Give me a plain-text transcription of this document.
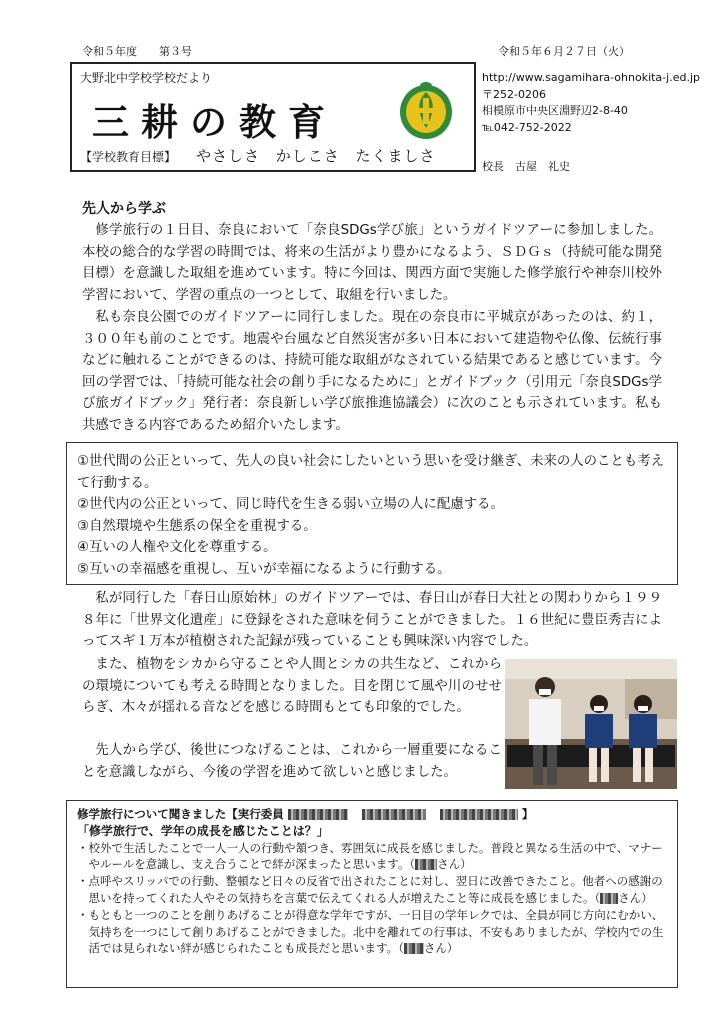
令和５年度　　第３号	令和５年６月２７日（火）
大野北中学校学校だより
三耕の教育
【学校教育目標】 やさしさ かしこさ たくましさ
http://www.sagamihara-ohnokita-j.ed.jp
〒252-0206
相模原市中央区淵野辺2-8-40
℡042-752-2022
校長　古屋　礼史
先人から学ぶ

修学旅行の１日目、奈良において「奈良SDGs学び旅」というガイドツアーに参加しました。本校の総合的な学習の時間では、将来の生活がより豊かになるよう、ＳＤＧｓ（持続可能な開発目標）を意識した取組を進めています。特に今回は、関西方面で実施した修学旅行や神奈川校外学習において、学習の重点の一つとして、取組を行いました。

私も奈良公園でのガイドツアーに同行しました。現在の奈良市に平城京があったのは、約１，３００年も前のことです。地震や台風など自然災害が多い日本において建造物や仏像、伝統行事などに触れることができるのは、持続可能な取組がなされている結果であると感じています。今回の学習では、「持続可能な社会の創り手になるために」とガイドブック（引用元「奈良SDGs学び旅ガイドブック」発行者：奈良新しい学び旅推進協議会）に次のことも示されています。私も共感できる内容であるため紹介いたします。

①世代間の公正といって、先人の良い社会にしたいという思いを受け継ぎ、未来の人のことも考えて行動する。
②世代内の公正といって、同じ時代を生きる弱い立場の人に配慮する。
③自然環境や生態系の保全を重視する。
④互いの人権や文化を尊重する。
⑤互いの幸福感を重視し、互いが幸福になるように行動する。

私が同行した「春日山原始林」のガイドツアーでは、春日山が春日大社との関わりから１９９８年に「世界文化遺産」に登録をされた意味を伺うことができました。１６世紀に豊臣秀吉によってスギ１万本が植樹された記録が残っていることも興味深い内容でした。

また、植物をシカから守ることや人間とシカの共生など、これからの環境についても考える時間となりました。目を閉じて風や川のせせらぎ、木々が揺れる音などを感じる時間もとても印象的でした。

先人から学び、後世につなげることは、これから一層重要になることを意識しながら、今後の学習を進めて欲しいと感じました。

修学旅行について聞きました【実行委員	】
「修学旅行で、学年の成長を感じたことは？」
・校外で生活したことで一人一人の行動や頷つき、雰囲気に成長を感じました。普段と異なる生活の中で、マナーやルールを意識し、支え合うことで絆が深まったと思います。（ さん）
・点呼やスリッパでの行動、整頓など日々の反省で出されたことに対し、翌日に改善できたこと。他者への感謝の思いを持ってくれた人やその気持ちを言葉で伝えてくれる人が増えたこと等に成長を感じました。（ さん）
・もともと一つのことを創りあげることが得意な学年ですが、一日目の学年レクでは、全員が同じ方向にむかい、気持ちを一つにして創りあげることができました。北中を離れての行事は、不安もありましたが、学校内での生活では見られない絆が感じられたことも成長だと思います。（ さん）
